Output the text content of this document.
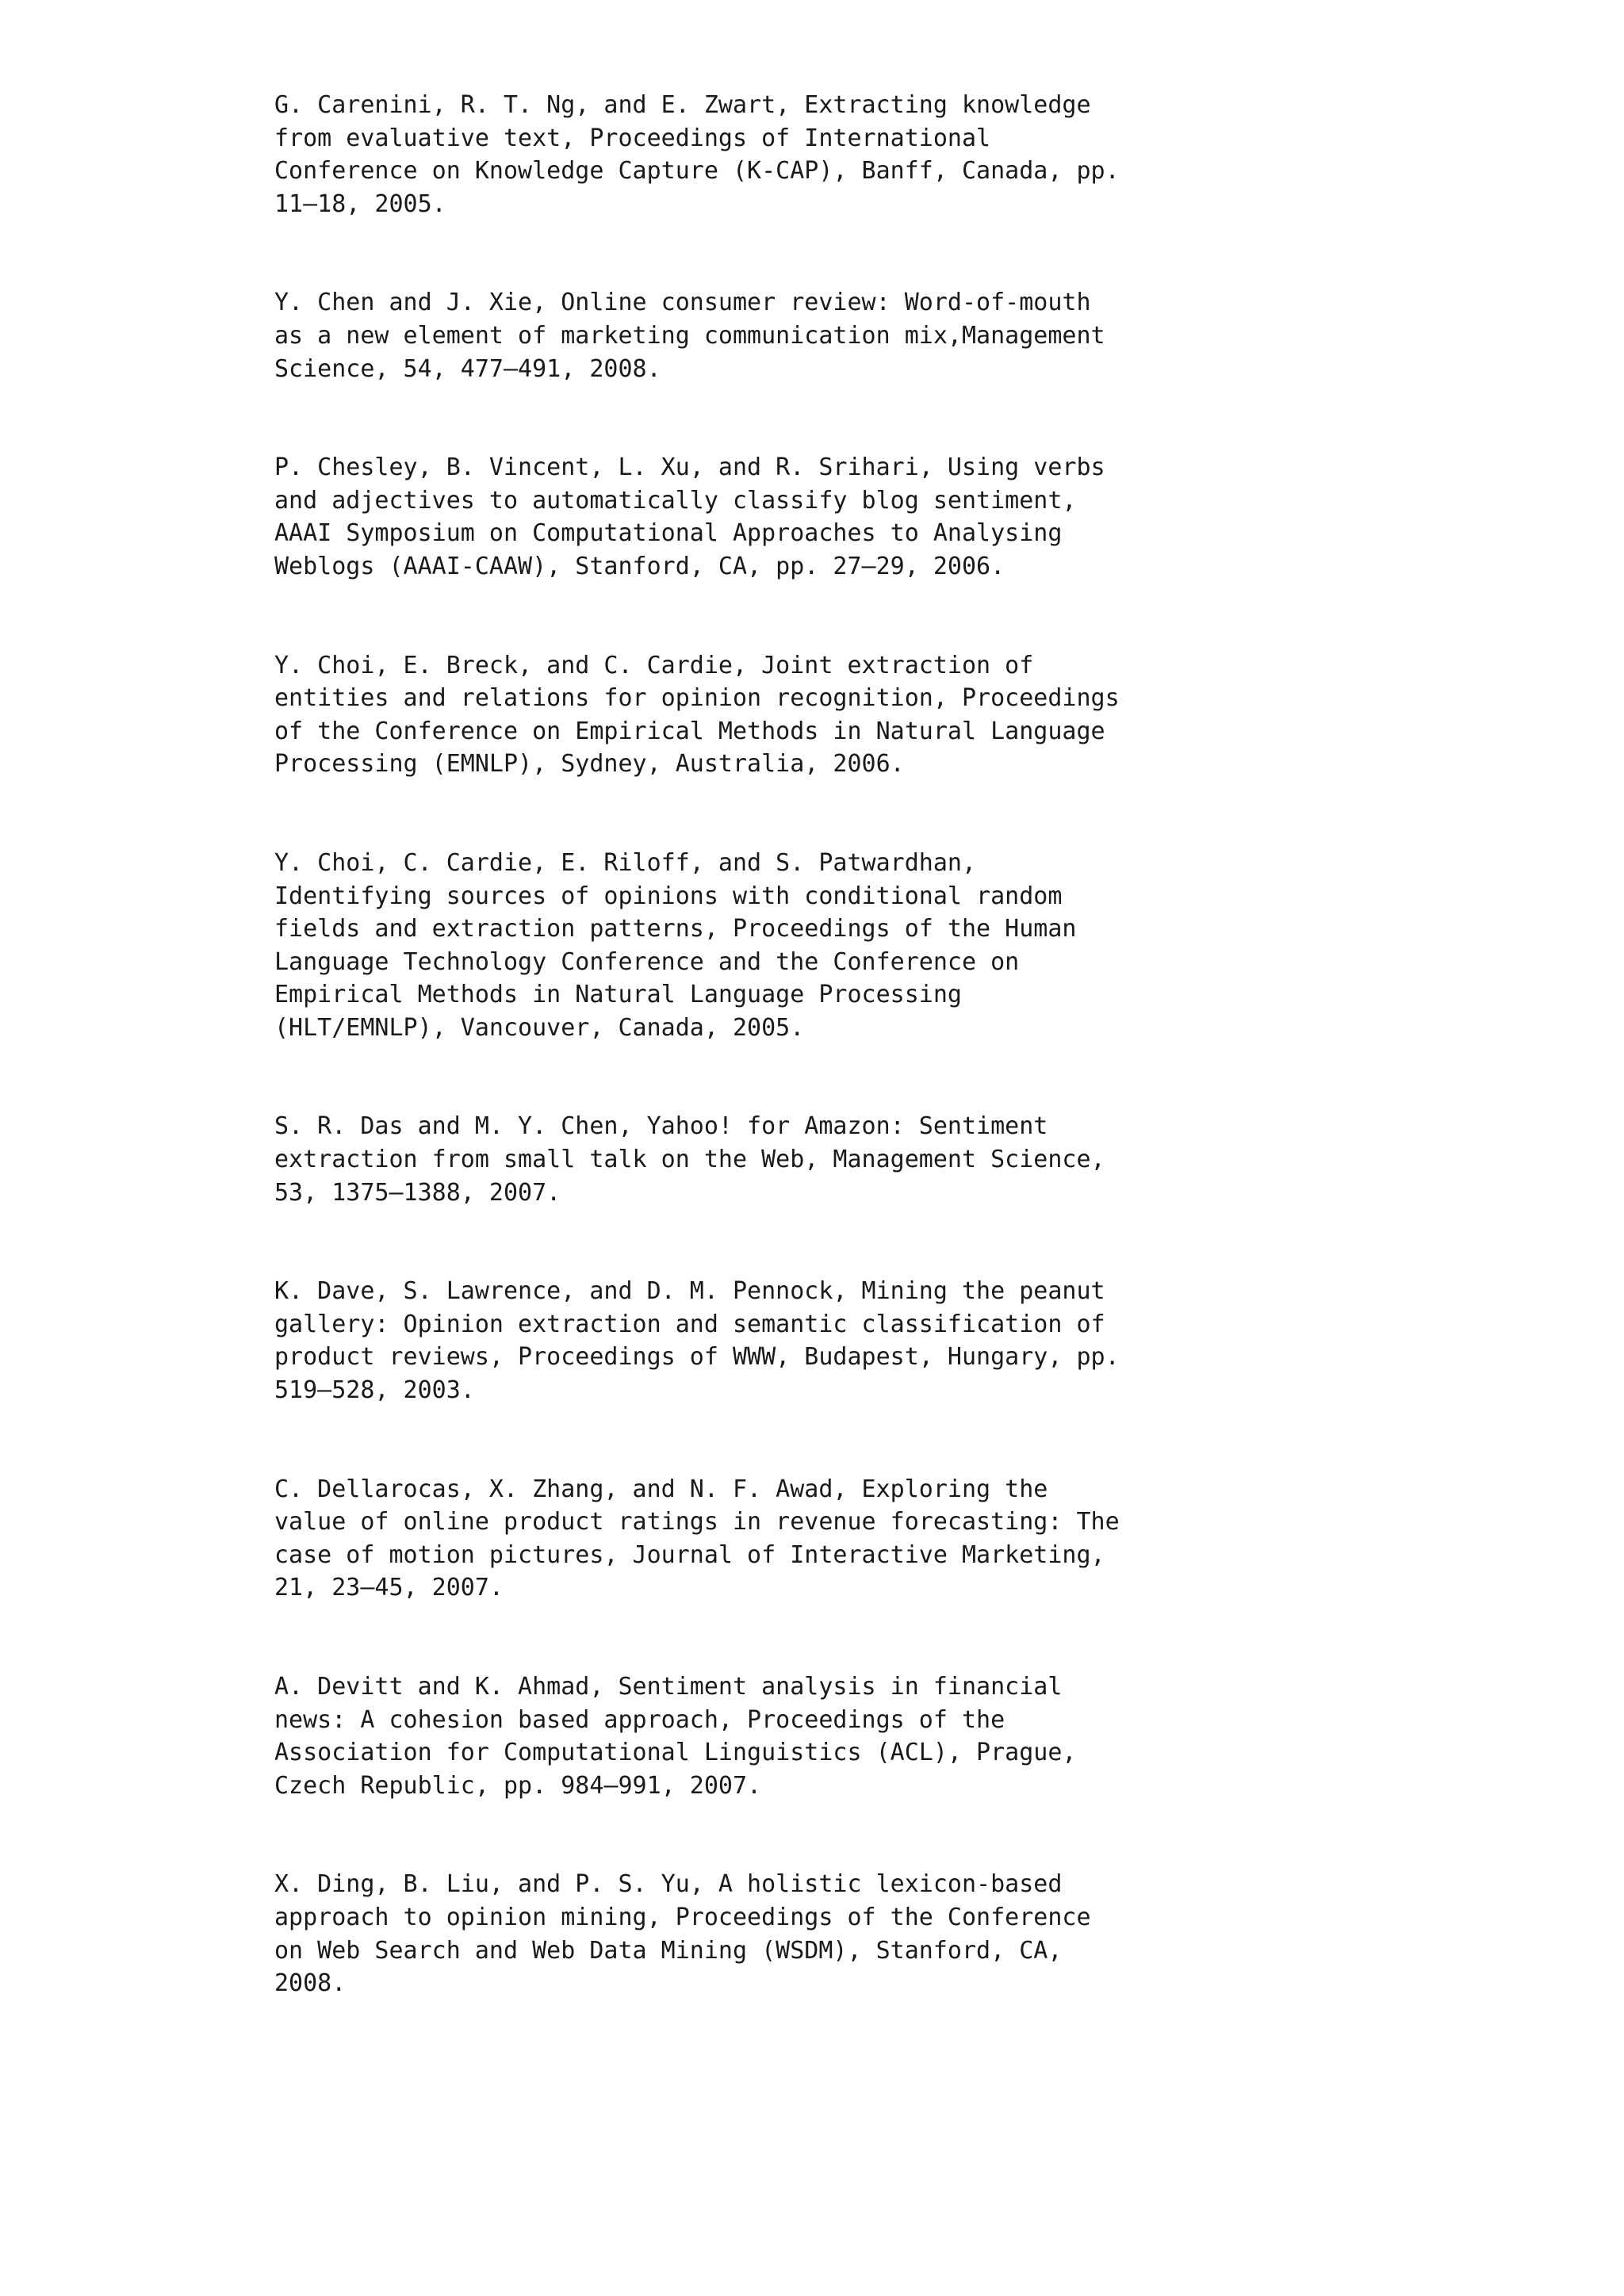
G. Carenini, R. T. Ng, and E. Zwart, Extracting knowledge
from evaluative text, Proceedings of International
Conference on Knowledge Capture (K-CAP), Banff, Canada, pp.
11–18, 2005.
Y. Chen and J. Xie, Online consumer review: Word-of-mouth
as a new element of marketing communication mix,Management
Science, 54, 477–491, 2008.
P. Chesley, B. Vincent, L. Xu, and R. Srihari, Using verbs
and adjectives to automatically classify blog sentiment,
AAAI Symposium on Computational Approaches to Analysing
Weblogs (AAAI-CAAW), Stanford, CA, pp. 27–29, 2006.
Y. Choi, E. Breck, and C. Cardie, Joint extraction of
entities and relations for opinion recognition, Proceedings
of the Conference on Empirical Methods in Natural Language
Processing (EMNLP), Sydney, Australia, 2006.
Y. Choi, C. Cardie, E. Riloff, and S. Patwardhan,
Identifying sources of opinions with conditional random
fields and extraction patterns, Proceedings of the Human
Language Technology Conference and the Conference on
Empirical Methods in Natural Language Processing
(HLT/EMNLP), Vancouver, Canada, 2005.
S. R. Das and M. Y. Chen, Yahoo! for Amazon: Sentiment
extraction from small talk on the Web, Management Science,
53, 1375–1388, 2007.
K. Dave, S. Lawrence, and D. M. Pennock, Mining the peanut
gallery: Opinion extraction and semantic classification of
product reviews, Proceedings of WWW, Budapest, Hungary, pp.
519–528, 2003.
C. Dellarocas, X. Zhang, and N. F. Awad, Exploring the
value of online product ratings in revenue forecasting: The
case of motion pictures, Journal of Interactive Marketing,
21, 23–45, 2007.
A. Devitt and K. Ahmad, Sentiment analysis in financial
news: A cohesion based approach, Proceedings of the
Association for Computational Linguistics (ACL), Prague,
Czech Republic, pp. 984–991, 2007.
X. Ding, B. Liu, and P. S. Yu, A holistic lexicon-based
approach to opinion mining, Proceedings of the Conference
on Web Search and Web Data Mining (WSDM), Stanford, CA,
2008.
